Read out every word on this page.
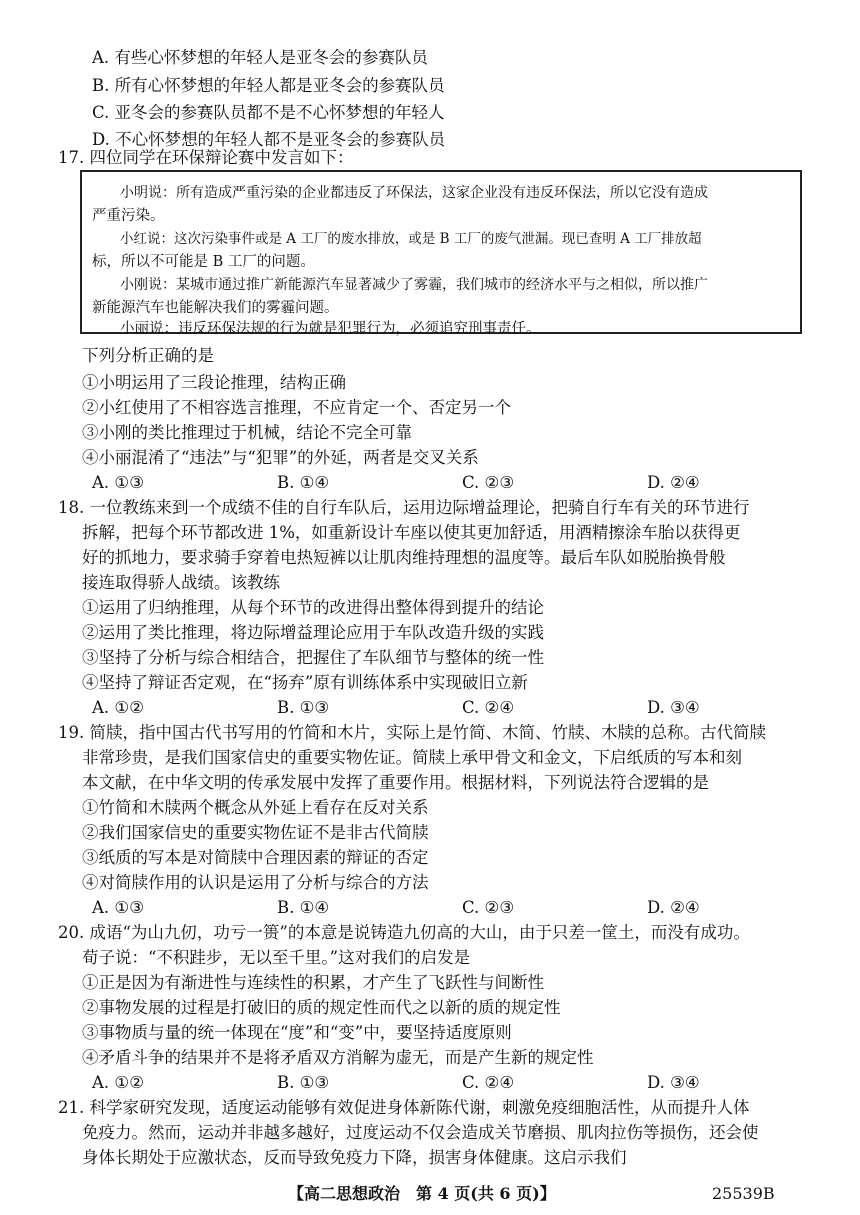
A. 有些心怀梦想的年轻人是亚冬会的参赛队员
B. 所有心怀梦想的年轻人都是亚冬会的参赛队员
C. 亚冬会的参赛队员都不是不心怀梦想的年轻人
D. 不心怀梦想的年轻人都不是亚冬会的参赛队员
17. 四位同学在环保辩论赛中发言如下：
小明说：所有造成严重污染的企业都违反了环保法，这家企业没有违反环保法，所以它没有造成
严重污染。
小红说：这次污染事件或是 A 工厂的废水排放，或是 B 工厂的废气泄漏。现已查明 A 工厂排放超
标，所以不可能是 B 工厂的问题。
小刚说：某城市通过推广新能源汽车显著减少了雾霾，我们城市的经济水平与之相似，所以推广
新能源汽车也能解决我们的雾霾问题。
小丽说：违反环保法规的行为就是犯罪行为，必须追究刑事责任。
下列分析正确的是
①小明运用了三段论推理，结构正确
②小红使用了不相容选言推理，不应肯定一个、否定另一个
③小刚的类比推理过于机械，结论不完全可靠
④小丽混淆了“违法”与“犯罪”的外延，两者是交叉关系
A. ①③	B. ①④	C. ②③	D. ②④
18. 一位教练来到一个成绩不佳的自行车队后，运用边际增益理论，把骑自行车有关的环节进行
拆解，把每个环节都改进 1%，如重新设计车座以使其更加舒适，用酒精擦涂车胎以获得更
好的抓地力，要求骑手穿着电热短裤以让肌肉维持理想的温度等。最后车队如脱胎换骨般
接连取得骄人战绩。该教练
①运用了归纳推理，从每个环节的改进得出整体得到提升的结论
②运用了类比推理，将边际增益理论应用于车队改造升级的实践
③坚持了分析与综合相结合，把握住了车队细节与整体的统一性
④坚持了辩证否定观，在“扬弃”原有训练体系中实现破旧立新
A. ①②	B. ①③	C. ②④	D. ③④
19. 简牍，指中国古代书写用的竹简和木片，实际上是竹简、木简、竹牍、木牍的总称。古代简牍
非常珍贵，是我们国家信史的重要实物佐证。简牍上承甲骨文和金文，下启纸质的写本和刻
本文献，在中华文明的传承发展中发挥了重要作用。根据材料，下列说法符合逻辑的是
①竹简和木牍两个概念从外延上看存在反对关系
②我们国家信史的重要实物佐证不是非古代简牍
③纸质的写本是对简牍中合理因素的辩证的否定
④对简牍作用的认识是运用了分析与综合的方法
A. ①③	B. ①④	C. ②③	D. ②④
20. 成语“为山九仞，功亏一篑”的本意是说铸造九仞高的大山，由于只差一筐土，而没有成功。
荀子说：“不积跬步，无以至千里。”这对我们的启发是
①正是因为有渐进性与连续性的积累，才产生了飞跃性与间断性
②事物发展的过程是打破旧的质的规定性而代之以新的质的规定性
③事物质与量的统一体现在“度”和“变”中，要坚持适度原则
④矛盾斗争的结果并不是将矛盾双方消解为虚无，而是产生新的规定性
A. ①②	B. ①③	C. ②④	D. ③④
21. 科学家研究发现，适度运动能够有效促进身体新陈代谢，刺激免疫细胞活性，从而提升人体
免疫力。然而，运动并非越多越好，过度运动不仅会造成关节磨损、肌肉拉伤等损伤，还会使
身体长期处于应激状态，反而导致免疫力下降，损害身体健康。这启示我们
【高二思想政治　第 4 页(共 6 页)】	25539B
